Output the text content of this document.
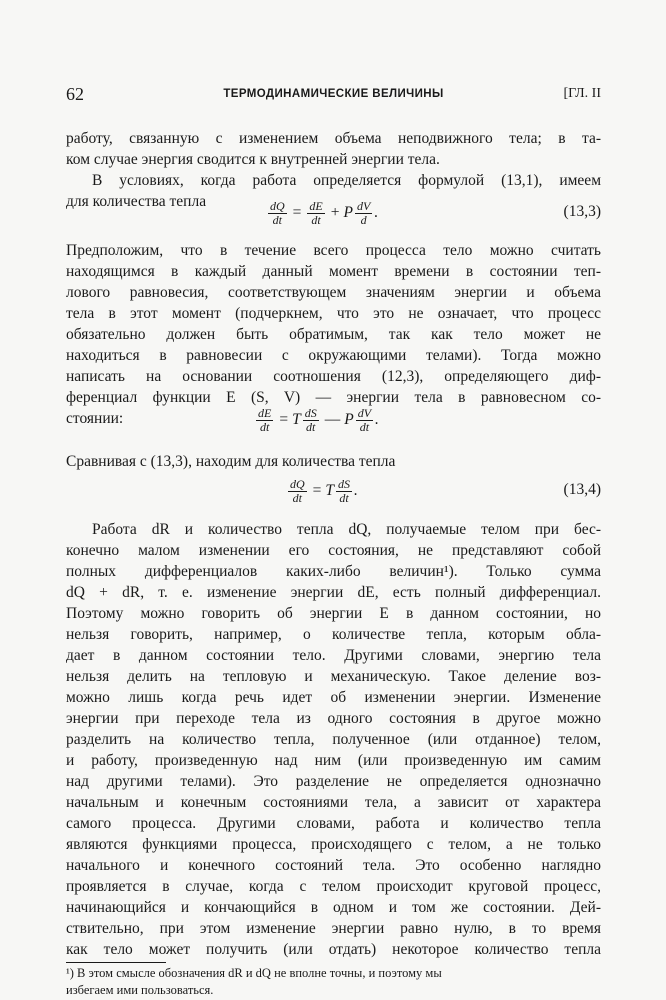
62	ТЕРМОДИНАМИЧЕСКИЕ ВЕЛИЧИНЫ	[ГЛ. II
работу, связанную с изменением объема неподвижного тела; в та-
ком случае энергия сводится к внутренней энергии тела.
В условиях, когда работа определяется формулой (13,1), имеем
для количества тепла	$\frac{dQ}{dt} = \frac{dE}{dt} + P \frac{dV}{d}$ .	(13,3)
Предположим, что в течение всего процесса тело можно считать
находящимся в каждый данный момент времени в состоянии теп-
лового равновесия, соответствующем значениям энергии и объема
тела в этот момент (подчеркнем, что это не означает, что процесс
обязательно должен быть обратимым, так как тело может не
находиться в равновесии с окружающими телами). Тогда можно
написать на основании соотношения (12,3), определяющего диф-
ференциал функции E (S, V) — энергии тела в равновесном со-
стоянии:	$\frac{dE}{dt} = T \frac{dS}{dt}$ — P $\frac{dV}{dt}$ .
Сравнивая с (13,3), находим для количества тепла
$\frac{dQ}{dt} = T \frac{dS}{dt}$ .	(13,4)
Работа dR и количество тепла dQ, получаемые телом при бес-
конечно малом изменении его состояния, не представляют собой
полных дифференциалов каких-либо величин¹). Только сумма
dQ + dR, т. е. изменение энергии dE, есть полный дифференциал.
Поэтому можно говорить об энергии E в данном состоянии, но
нельзя говорить, например, о количестве тепла, которым обла-
дает в данном состоянии тело. Другими словами, энергию тела
нельзя делить на тепловую и механическую. Такое деление воз-
можно лишь когда речь идет об изменении энергии. Изменение
энергии при переходе тела из одного состояния в другое можно
разделить на количество тепла, полученное (или отданное) телом,
и работу, произведенную над ним (или произведенную им самим
над другими телами). Это разделение не определяется однозначно
начальным и конечным состояниями тела, а зависит от характера
самого процесса. Другими словами, работа и количество тепла
являются функциями процесса, происходящего с телом, а не только
начального и конечного состояний тела. Это особенно наглядно
проявляется в случае, когда с телом происходит круговой процесс,
начинающийся и кончающийся в одном и том же состоянии. Дей-
ствительно, при этом изменение энергии равно нулю, в то время
как тело может получить (или отдать) некоторое количество тепла
¹) В этом смысле обозначения dR и dQ не вполне точны, и поэтому мы
избегаем ими пользоваться.
